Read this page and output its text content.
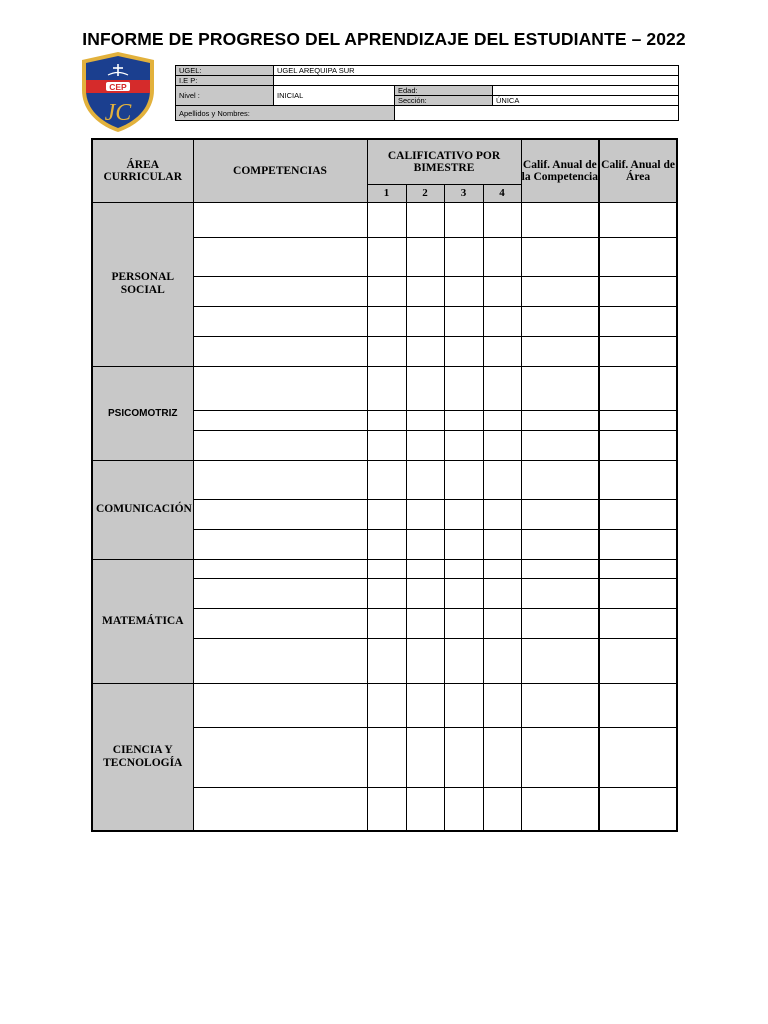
INFORME DE PROGRESO DEL APRENDIZAJE DEL ESTUDIANTE – 2022
CEP
JC
UGEL:	UGEL AREQUIPA SUR		
I.E P:			
Nivel :	INICIAL	Edad:	
		Sección:	ÚNICA
Apellidos y Nombres:			
ÁREA CURRICULAR	COMPETENCIAS	CALIFICATIVO POR BIMESTRE				Calif. Anual de la Competencia	Calif. Anual de Área
		1	2	3	4		
PERSONAL SOCIAL							

PSICOMOTRIZ							

COMUNICACIÓN							

MATEMÁTICA							

CIENCIA Y TECNOLOGÍA							
